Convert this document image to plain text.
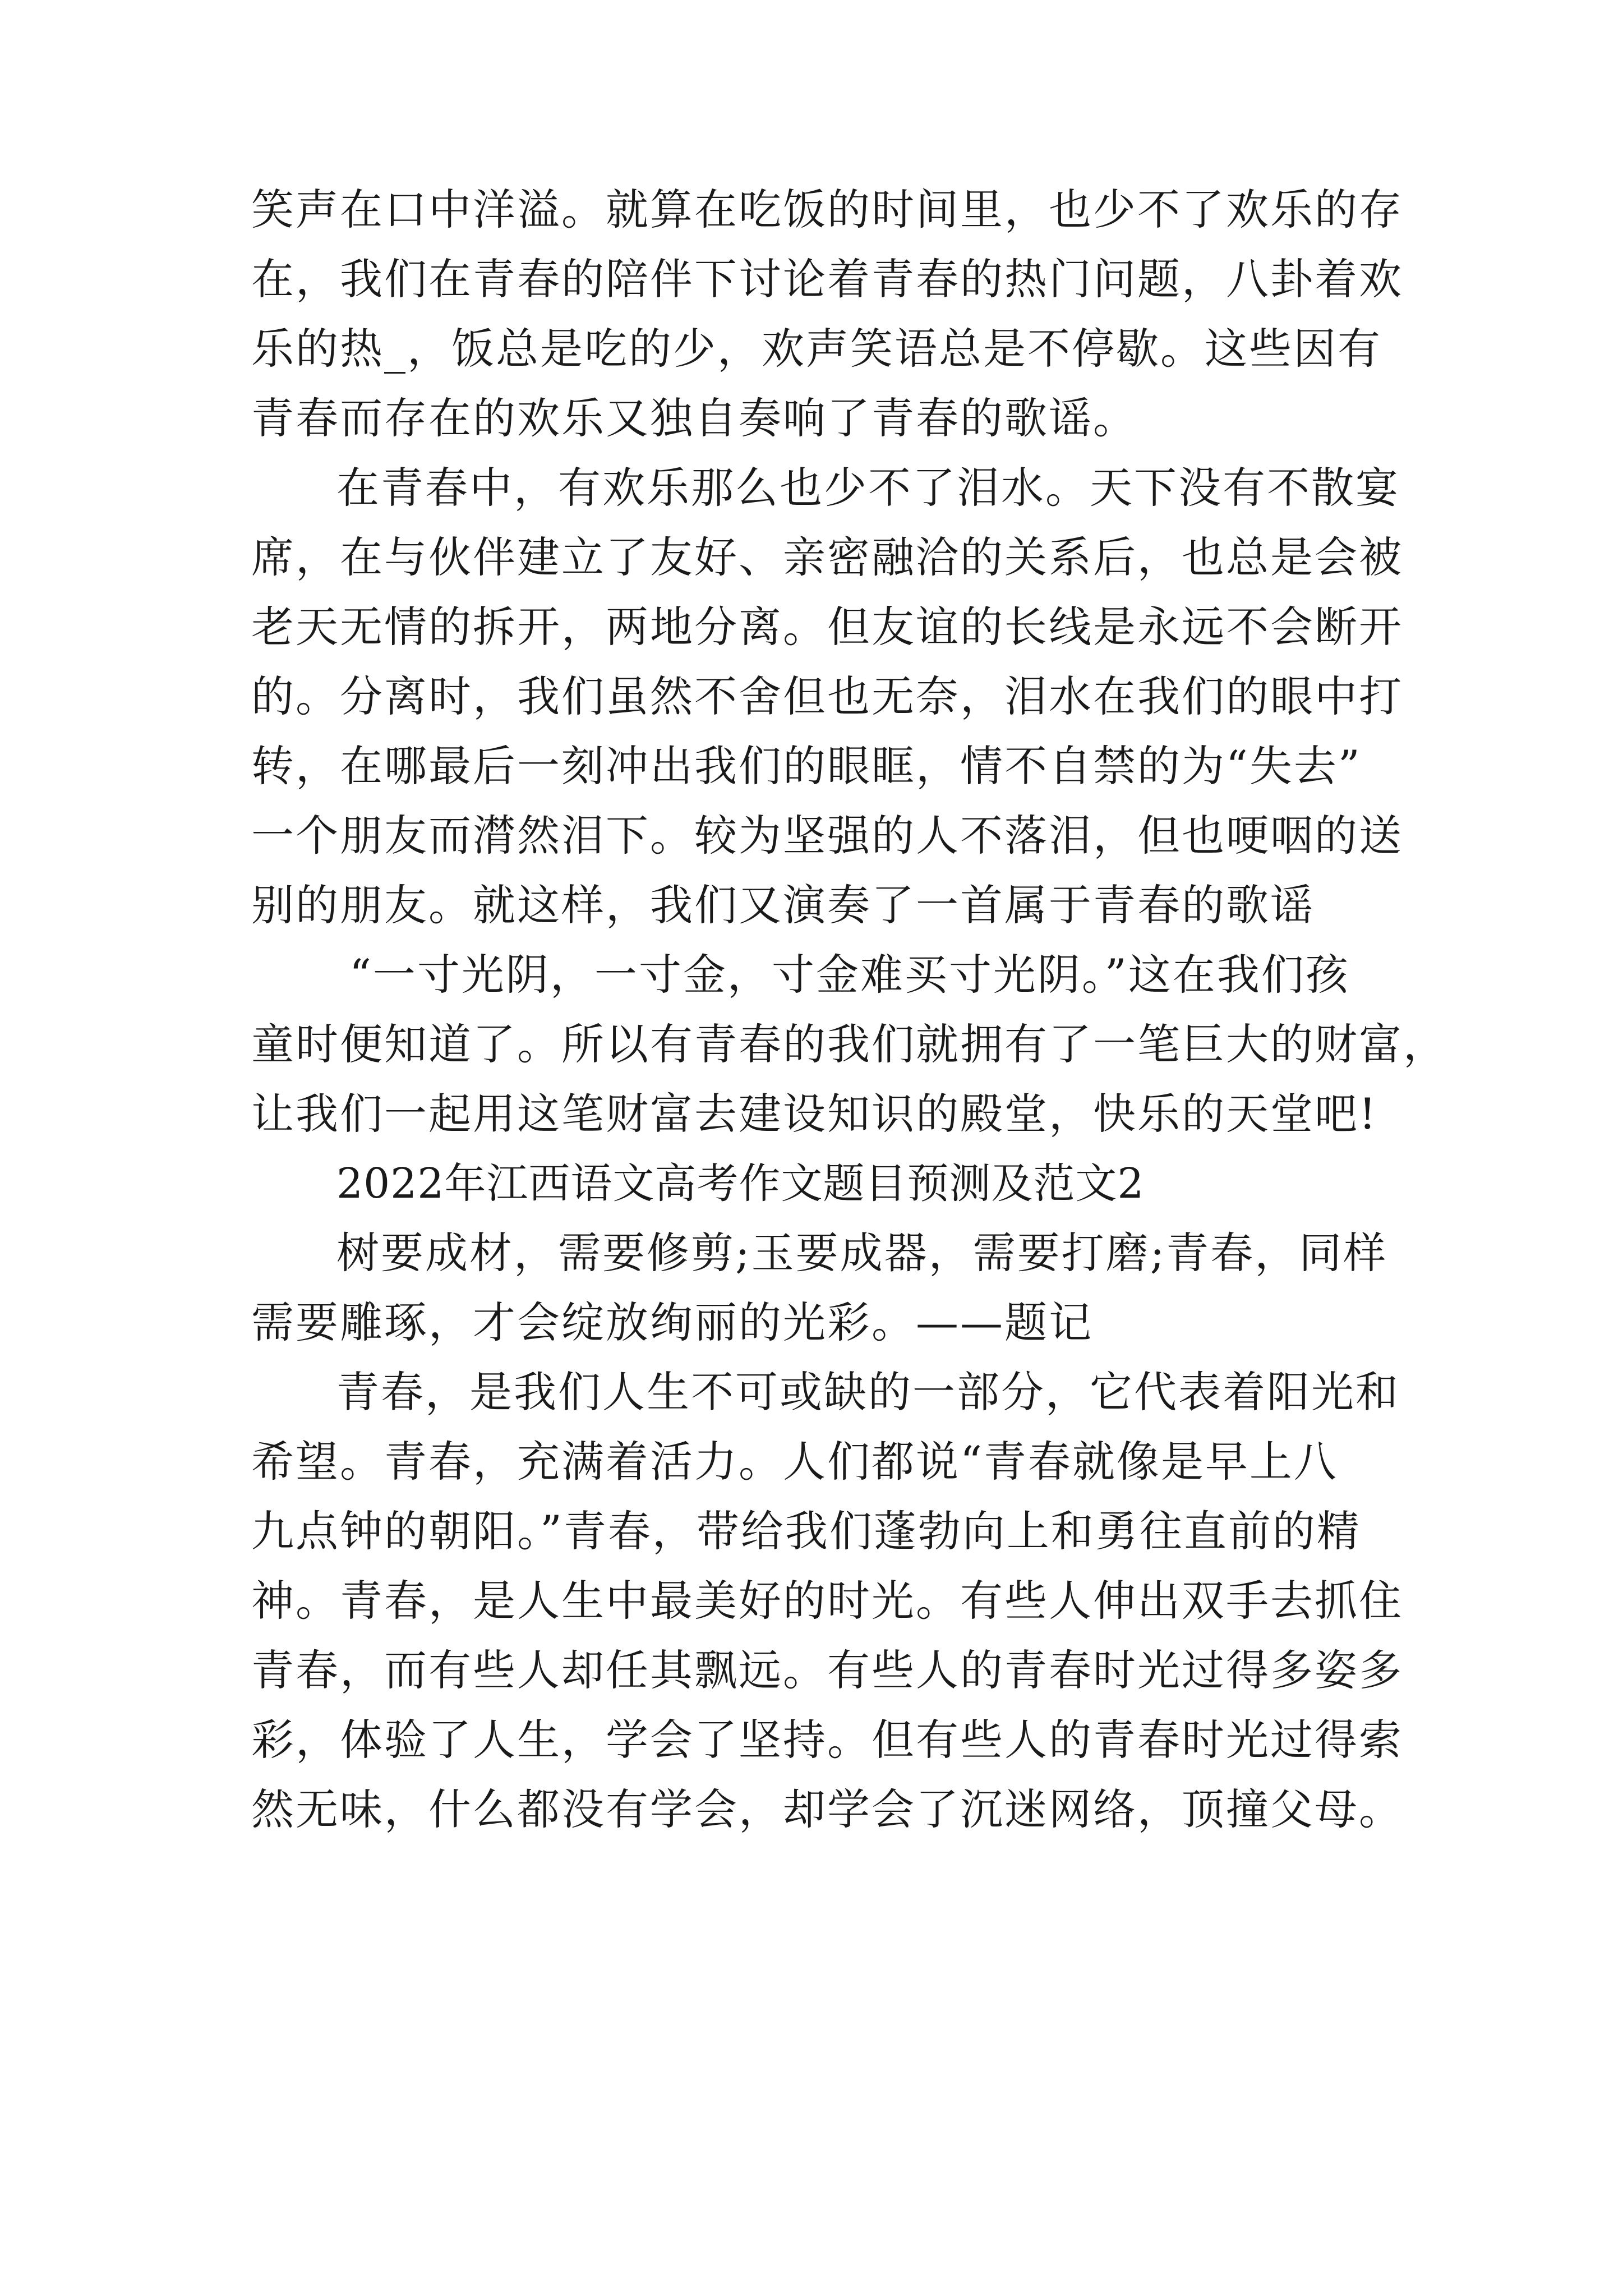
笑声在口中洋溢。就算在吃饭的时间里，也少不了欢乐的存
在，我们在青春的陪伴下讨论着青春的热门问题，八卦着欢
乐的热_，饭总是吃的少，欢声笑语总是不停歇。这些因有
青春而存在的欢乐又独自奏响了青春的歌谣。
在青春中，有欢乐那么也少不了泪水。天下没有不散宴
席，在与伙伴建立了友好、亲密融洽的关系后，也总是会被
老天无情的拆开，两地分离。但友谊的长线是永远不会断开
的。分离时，我们虽然不舍但也无奈，泪水在我们的眼中打
转，在哪最后一刻冲出我们的眼眶，情不自禁的为“失去”
一个朋友而潸然泪下。较为坚强的人不落泪，但也哽咽的送
别的朋友。就这样，我们又演奏了一首属于青春的歌谣
“一寸光阴，一寸金，寸金难买寸光阴。”这在我们孩
童时便知道了。所以有青春的我们就拥有了一笔巨大的财富，
让我们一起用这笔财富去建设知识的殿堂，快乐的天堂吧!
2022年江西语文高考作文题目预测及范文2
树要成材，需要修剪;玉要成器，需要打磨;青春，同样
需要雕琢，才会绽放绚丽的光彩。——题记
青春，是我们人生不可或缺的一部分，它代表着阳光和
希望。青春，充满着活力。人们都说“青春就像是早上八
九点钟的朝阳。”青春，带给我们蓬勃向上和勇往直前的精
神。青春，是人生中最美好的时光。有些人伸出双手去抓住
青春，而有些人却任其飘远。有些人的青春时光过得多姿多
彩，体验了人生，学会了坚持。但有些人的青春时光过得索
然无味，什么都没有学会，却学会了沉迷网络，顶撞父母。
